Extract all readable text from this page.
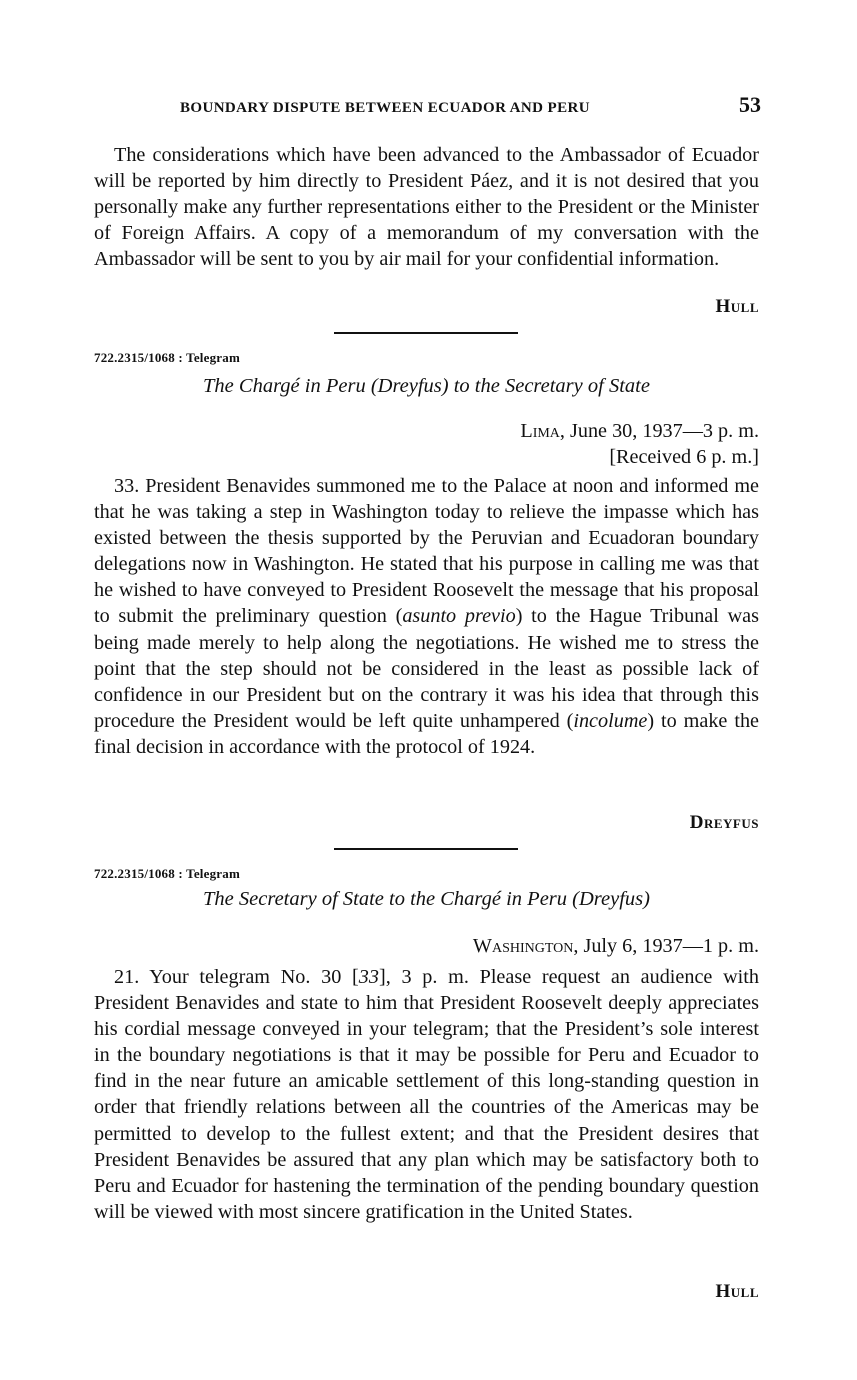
BOUNDARY DISPUTE BETWEEN ECUADOR AND PERU	53

The considerations which have been advanced to the Ambassador of Ecuador will be reported by him directly to President Páez, and it is not desired that you personally make any further representations either to the President or the Minister of Foreign Affairs. A copy of a memorandum of my conversation with the Ambassador will be sent to you by air mail for your confidential information.

Hull
722.2315/1068 : Telegram
The Chargé in Peru (Dreyfus) to the Secretary of State
Lima, June 30, 1937—3 p. m.
[Received 6 p. m.]

33. President Benavides summoned me to the Palace at noon and informed me that he was taking a step in Washington today to relieve the impasse which has existed between the thesis supported by the Peruvian and Ecuadoran boundary delegations now in Washington. He stated that his purpose in calling me was that he wished to have conveyed to President Roosevelt the message that his proposal to submit the preliminary question (asunto previo) to the Hague Tribunal was being made merely to help along the negotiations. He wished me to stress the point that the step should not be considered in the least as possible lack of confidence in our President but on the contrary it was his idea that through this procedure the President would be left quite unhampered (incolume) to make the final decision in accordance with the protocol of 1924.

Dreyfus
722.2315/1068 : Telegram
The Secretary of State to the Chargé in Peru (Dreyfus)
Washington, July 6, 1937—1 p. m.

21. Your telegram No. 30 [33], 3 p. m. Please request an audience with President Benavides and state to him that President Roosevelt deeply appreciates his cordial message conveyed in your telegram; that the President’s sole interest in the boundary negotiations is that it may be possible for Peru and Ecuador to find in the near future an amicable settlement of this long-standing question in order that friendly relations between all the countries of the Americas may be permitted to develop to the fullest extent; and that the President desires that President Benavides be assured that any plan which may be satisfactory both to Peru and Ecuador for hastening the termination of the pending boundary question will be viewed with most sincere gratification in the United States.

Hull
